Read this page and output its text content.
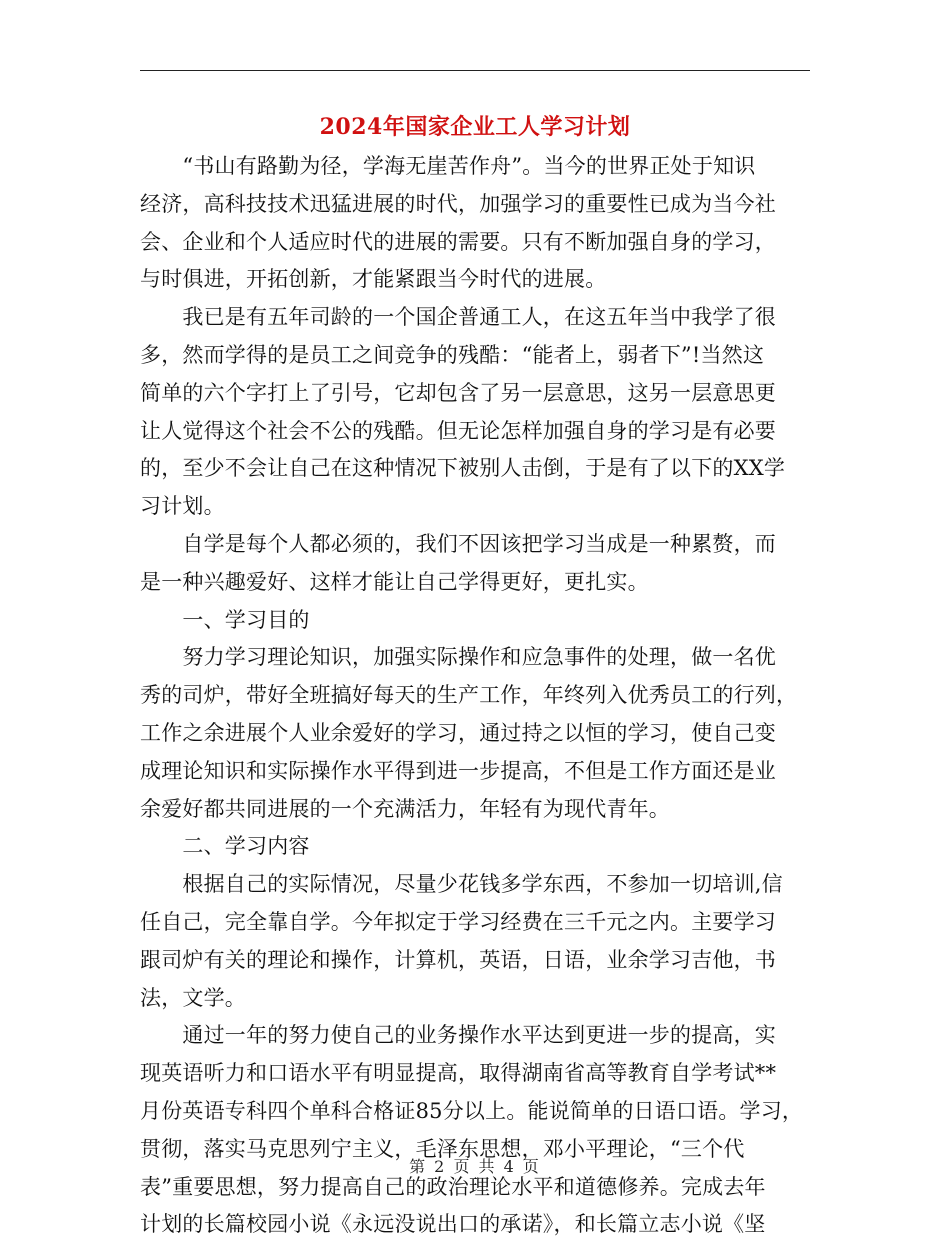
2024年国家企业工人学习计划
　　“书山有路勤为径，学海无崖苦作舟”。当今的世界正处于知识
经济，高科技技术迅猛进展的时代，加强学习的重要性已成为当今社
会、企业和个人适应时代的进展的需要。只有不断加强自身的学习，
与时俱进，开拓创新，才能紧跟当今时代的进展。
　　我已是有五年司龄的一个国企普通工人，在这五年当中我学了很
多，然而学得的是员工之间竞争的残酷：“能者上，弱者下”!当然这
简单的六个字打上了引号，它却包含了另一层意思，这另一层意思更
让人觉得这个社会不公的残酷。但无论怎样加强自身的学习是有必要
的，至少不会让自己在这种情况下被别人击倒，于是有了以下的XX学
习计划。
　　自学是每个人都必须的，我们不因该把学习当成是一种累赘，而
是一种兴趣爱好、这样才能让自己学得更好，更扎实。
　　一、学习目的
　　努力学习理论知识，加强实际操作和应急事件的处理，做一名优
秀的司炉，带好全班搞好每天的生产工作，年终列入优秀员工的行列，
工作之余进展个人业余爱好的学习，通过持之以恒的学习，使自己变
成理论知识和实际操作水平得到进一步提高，不但是工作方面还是业
余爱好都共同进展的一个充满活力，年轻有为现代青年。
　　二、学习内容
　　根据自己的实际情况，尽量少花钱多学东西，不参加一切培训,信
任自己，完全靠自学。今年拟定于学习经费在三千元之内。主要学习
跟司炉有关的理论和操作，计算机，英语，日语，业余学习吉他，书
法，文学。
　　通过一年的努力使自己的业务操作水平达到更进一步的提高，实
现英语听力和口语水平有明显提高，取得湖南省高等教育自学考试**
月份英语专科四个单科合格证85分以上。能说简单的日语口语。学习，
贯彻，落实马克思列宁主义，毛泽东思想，邓小平理论，“三个代
表”重要思想，努力提高自己的政治理论水平和道德修养。完成去年
计划的长篇校园小说《永远没说出口的承诺》，和长篇立志小说《坚
第 2 页 共 4 页
